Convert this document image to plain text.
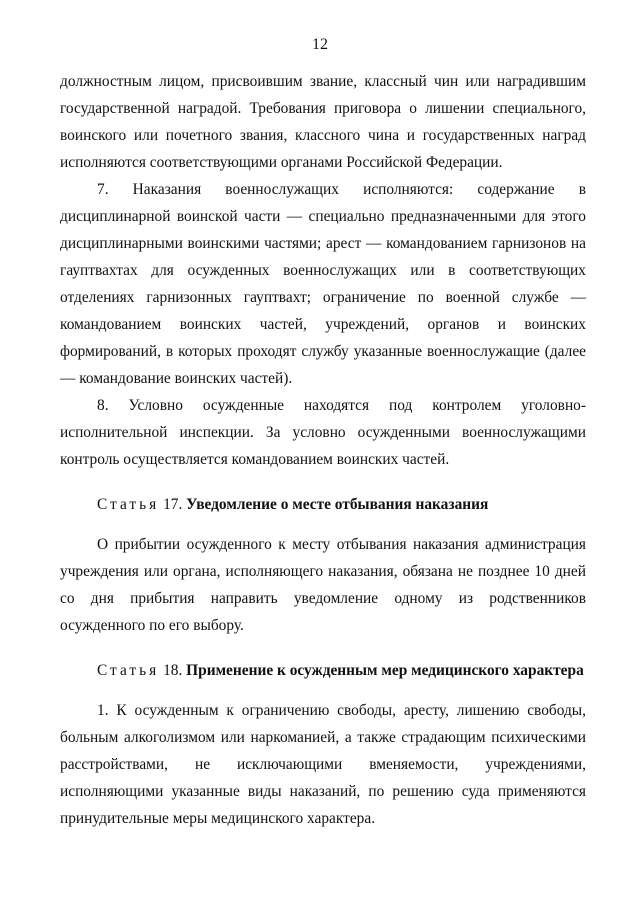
12

должностным лицом, присвоившим звание, классный чин или наградившим государственной наградой. Требования приговора о лишении специального, воинского или почетного звания, классного чина и государственных наград исполняются соответствующими органами Российской Федерации.

7. Наказания военнослужащих исполняются: содержание в дисциплинарной воинской части — специально предназначенными для этого дисциплинарными воинскими частями; арест — командованием гарнизонов на гауптвахтах для осужденных военнослужащих или в соответствующих отделениях гарнизонных гауптвахт; ограничение по военной службе — командованием воинских частей, учреждений, органов и воинских формирований, в которых проходят службу указанные военнослужащие (далее — командование воинских частей).

8. Условно осужденные находятся под контролем уголовно-исполнительной инспекции. За условно осужденными военнослужащими контроль осуществляется командованием воинских частей.

Статья 17. Уведомление о месте отбывания наказания

О прибытии осужденного к месту отбывания наказания администрация учреждения или органа, исполняющего наказания, обязана не позднее 10 дней со дня прибытия направить уведомление одному из родственников осужденного по его выбору.

Статья 18. Применение к осужденным мер медицинского характера

1. К осужденным к ограничению свободы, аресту, лишению свободы, больным алкоголизмом или наркоманией, а также страдающим психическими расстройствами, не исключающими вменяемости, учреждениями, исполняющими указанные виды наказаний, по решению суда применяются принудительные меры медицинского характера.
